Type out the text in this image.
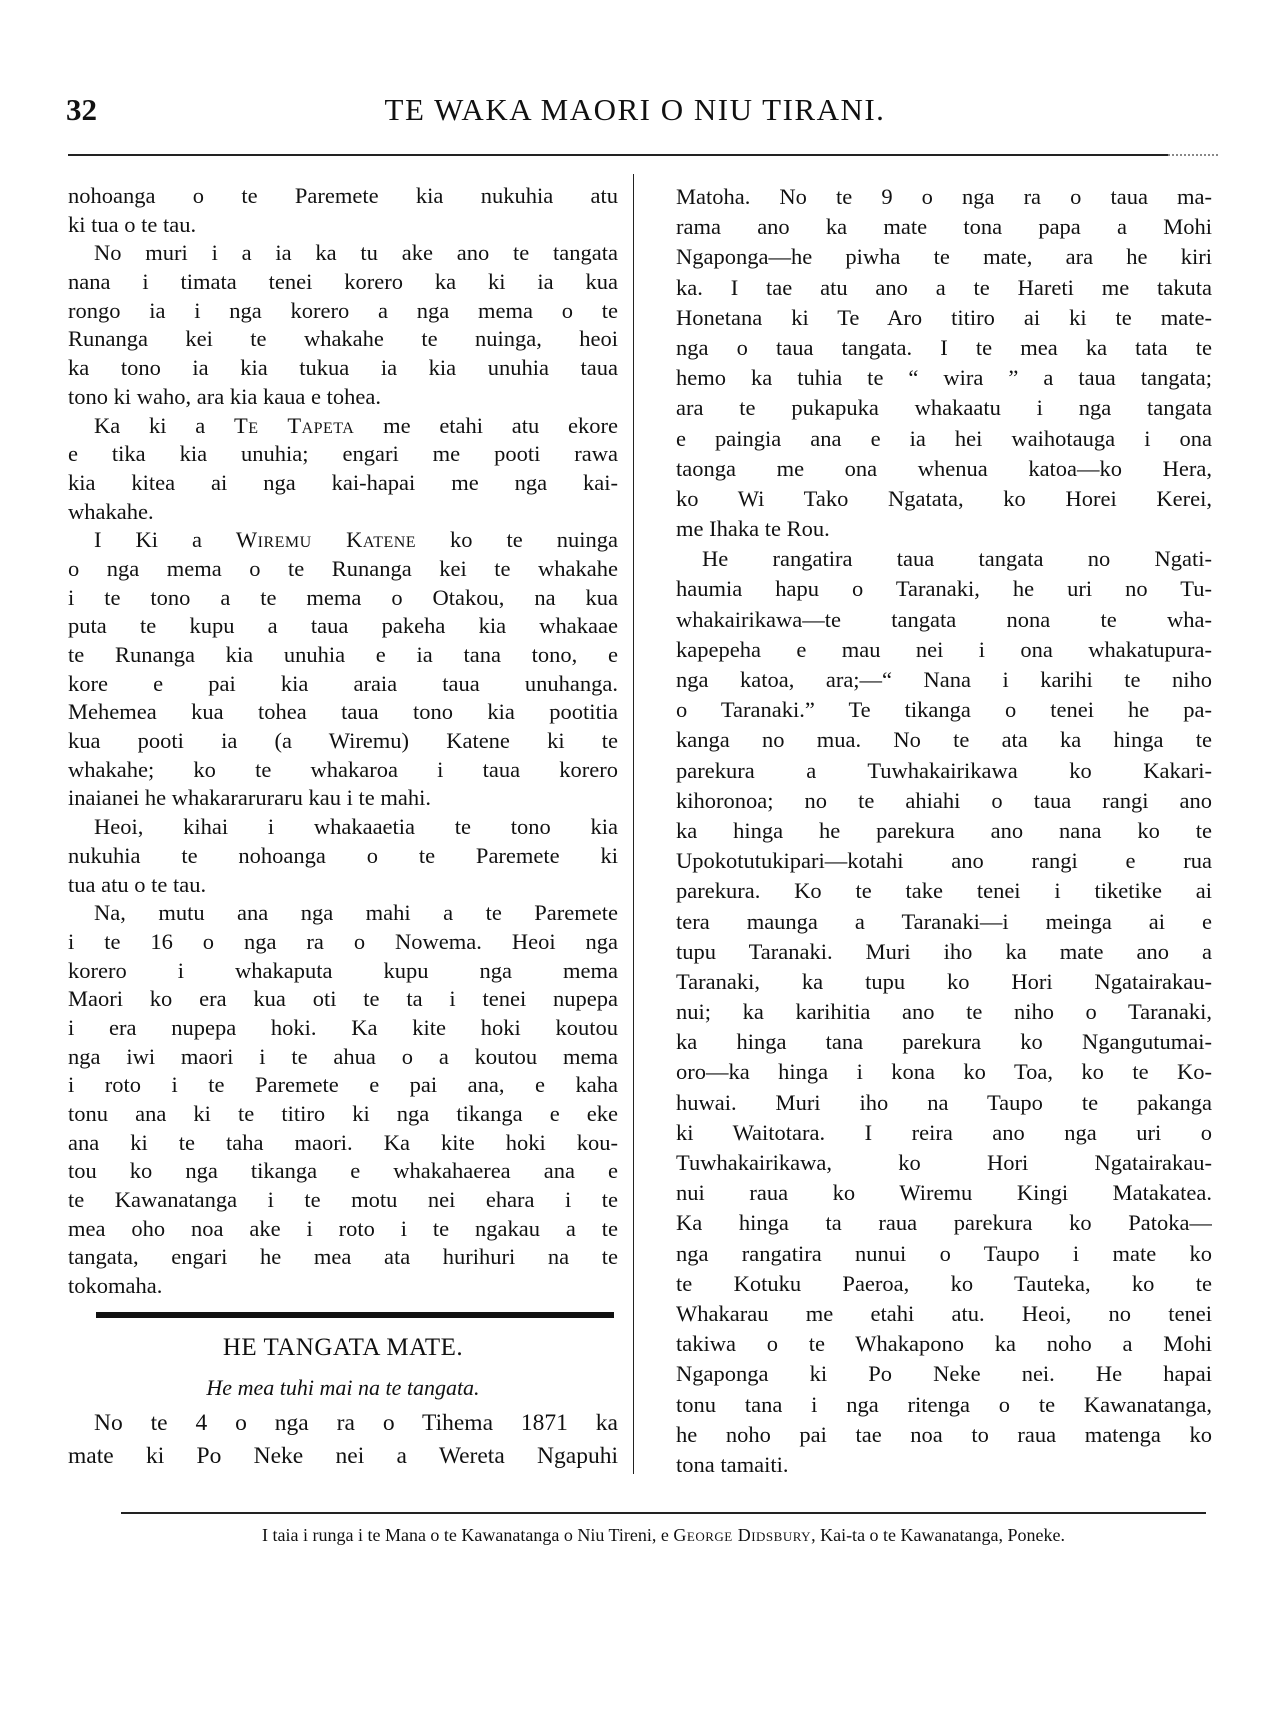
32	TE WAKA MAORI O NIU TIRANI.
nohoanga o te Paremete kia nukuhia atu
ki tua o te tau.
No muri i a ia ka tu ake ano te tangata
nana i timata tenei korero ka ki ia kua
rongo ia i nga korero a nga mema o te
Runanga kei te whakahe te nuinga, heoi
ka tono ia kia tukua ia kia unuhia taua
tono ki waho, ara kia kaua e tohea.
Ka ki a Te Tapeta me etahi atu ekore
e tika kia unuhia; engari me pooti rawa
kia kitea ai nga kai-hapai me nga kai-
whakahe.
I Ki a Wiremu Katene ko te nuinga
o nga mema o te Runanga kei te whakahe
i te tono a te mema o Otakou, na kua
puta te kupu a taua pakeha kia whakaae
te Runanga kia unuhia e ia tana tono, e
kore e pai kia araia taua unuhanga.
Mehemea kua tohea taua tono kia pootitia
kua pooti ia (a Wiremu) Katene ki te
whakahe; ko te whakaroa i taua korero
inaianei he whakararuraru kau i te mahi.
Heoi, kihai i whakaaetia te tono kia
nukuhia te nohoanga o te Paremete ki
tua atu o te tau.
Na, mutu ana nga mahi a te Paremete
i te 16 o nga ra o Nowema. Heoi nga
korero i whakaputa kupu nga mema
Maori ko era kua oti te ta i tenei nupepa
i era nupepa hoki. Ka kite hoki koutou
nga iwi maori i te ahua o a koutou mema
i roto i te Paremete e pai ana, e kaha
tonu ana ki te titiro ki nga tikanga e eke
ana ki te taha maori. Ka kite hoki kou-
tou ko nga tikanga e whakahaerea ana e
te Kawanatanga i te motu nei ehara i te
mea oho noa ake i roto i te ngakau a te
tangata, engari he mea ata hurihuri na te
tokomaha.
Matoha. No te 9 o nga ra o taua ma-
rama ano ka mate tona papa a Mohi
Ngaponga—he piwha te mate, ara he kiri
ka. I tae atu ano a te Hareti me takuta
Honetana ki Te Aro titiro ai ki te mate-
nga o taua tangata. I te mea ka tata te
hemo ka tuhia te “ wira ” a taua tangata;
ara te pukapuka whakaatu i nga tangata
e paingia ana e ia hei waihotauga i ona
taonga me ona whenua katoa—ko Hera,
ko Wi Tako Ngatata, ko Horei Kerei,
me Ihaka te Rou.
He rangatira taua tangata no Ngati-
haumia hapu o Taranaki, he uri no Tu-
whakairikawa—te tangata nona te wha-
kapepeha e mau nei i ona whakatupura-
nga katoa, ara;—“ Nana i karihi te niho
o Taranaki.” Te tikanga o tenei he pa-
kanga no mua. No te ata ka hinga te
parekura a Tuwhakairikawa ko Kakari-
kihoronoa; no te ahiahi o taua rangi ano
ka hinga he parekura ano nana ko te
Upokotutukipari—kotahi ano rangi e rua
parekura. Ko te take tenei i tiketike ai
tera maunga a Taranaki—i meinga ai e
tupu Taranaki. Muri iho ka mate ano a
Taranaki, ka tupu ko Hori Ngatairakau-
nui; ka karihitia ano te niho o Taranaki,
ka hinga tana parekura ko Ngangutumai-
oro—ka hinga i kona ko Toa, ko te Ko-
huwai. Muri iho na Taupo te pakanga
ki Waitotara. I reira ano nga uri o
Tuwhakairikawa, ko Hori Ngatairakau-
nui raua ko Wiremu Kingi Matakatea.
Ka hinga ta raua parekura ko Patoka—
nga rangatira nunui o Taupo i mate ko
te Kotuku Paeroa, ko Tauteka, ko te
Whakarau me etahi atu. Heoi, no tenei
takiwa o te Whakapono ka noho a Mohi
Ngaponga ki Po Neke nei. He hapai
tonu tana i nga ritenga o te Kawanatanga,
he noho pai tae noa to raua matenga ko
tona tamaiti.
HE TANGATA MATE.
He mea tuhi mai na te tangata.
No te 4 o nga ra o Tihema 1871 ka
mate ki Po Neke nei a Wereta Ngapuhi
I taia i runga i te Mana o te Kawanatanga o Niu Tireni, e George Didsbury, Kai-ta o te Kawanatanga, Poneke.
